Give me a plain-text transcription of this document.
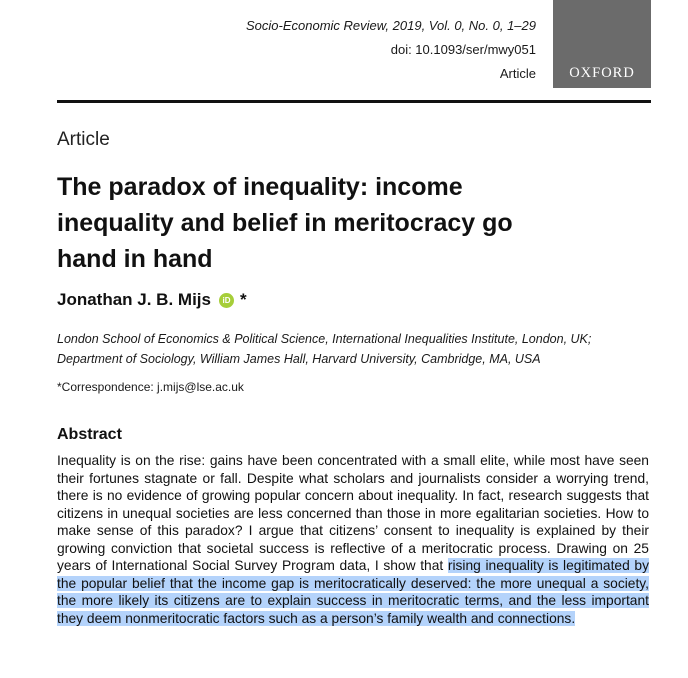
Socio-Economic Review, 2019, Vol. 0, No. 0, 1–29
doi: 10.1093/ser/mwy051
Article	OXFORD
Article
The paradox of inequality: income inequality and belief in meritocracy go hand in hand
Jonathan J. B. Mijs	iD *
London School of Economics & Political Science, International Inequalities Institute, London, UK; Department of Sociology, William James Hall, Harvard University, Cambridge, MA, USA
*Correspondence: j.mijs@lse.ac.uk
Abstract

Inequality is on the rise: gains have been concentrated with a small elite, while most have seen their fortunes stagnate or fall. Despite what scholars and journalists consider a worrying trend, there is no evidence of growing popular concern about inequality. In fact, research suggests that citizens in unequal societies are less concerned than those in more egalitarian societies. How to make sense of this paradox? I argue that citizens’ consent to inequality is explained by their growing conviction that societal success is reflective of a meritocratic process. Drawing on 25 years of International Social Survey Program data, I show that rising inequality is legitimated by the popular belief that the income gap is meritocratically deserved: the more unequal a society, the more likely its citizens are to explain success in meritocratic terms, and the less important they deem nonmeritocratic factors such as a person’s family wealth and connections.
